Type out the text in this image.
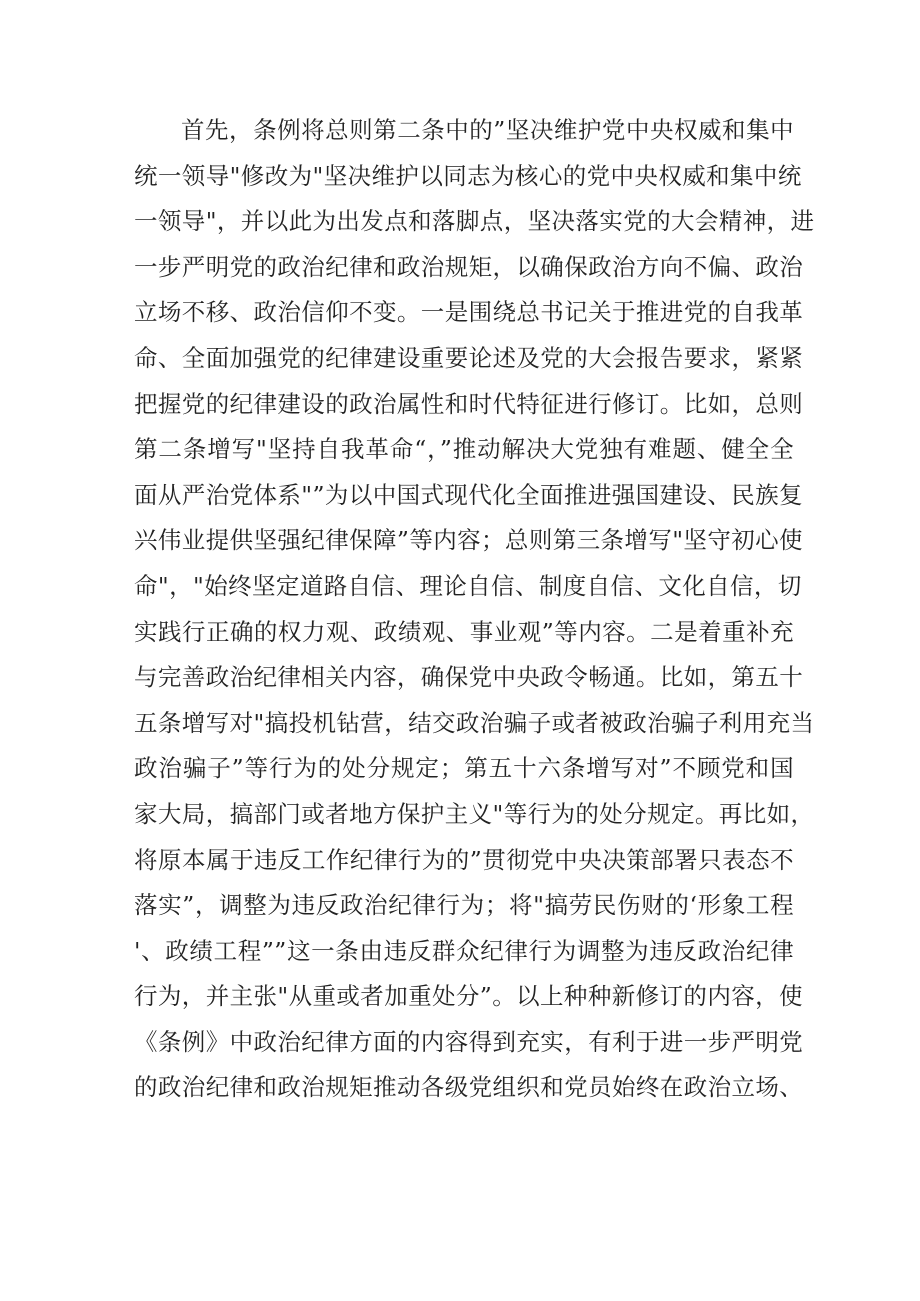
首先，条例将总则第二条中的”坚决维护党中央权威和集中
统一领导"修改为"坚决维护以同志为核心的党中央权威和集中统
一领导"，并以此为出发点和落脚点，坚决落实党的大会精神，进
一步严明党的政治纪律和政治规矩，以确保政治方向不偏、政治
立场不移、政治信仰不变。一是围绕总书记关于推进党的自我革
命、全面加强党的纪律建设重要论述及党的大会报告要求，紧紧
把握党的纪律建设的政治属性和时代特征进行修订。比如，总则
第二条增写"坚持自我革命“，”推动解决大党独有难题、健全全
面从严治党体系"”为以中国式现代化全面推进强国建设、民族复
兴伟业提供坚强纪律保障”等内容；总则第三条增写"坚守初心使
命"，"始终坚定道路自信、理论自信、制度自信、文化自信，切
实践行正确的权力观、政绩观、事业观”等内容。二是着重补充
与完善政治纪律相关内容，确保党中央政令畅通。比如，第五十
五条增写对"搞投机钻营，结交政治骗子或者被政治骗子利用充当
政治骗子”等行为的处分规定；第五十六条增写对”不顾党和国
家大局，搞部门或者地方保护主义"等行为的处分规定。再比如，
将原本属于违反工作纪律行为的”贯彻党中央决策部署只表态不
落实”，调整为违反政治纪律行为；将"搞劳民伤财的‘形象工程
'、政绩工程””这一条由违反群众纪律行为调整为违反政治纪律
行为，并主张"从重或者加重处分”。以上种种新修订的内容，使
《条例》中政治纪律方面的内容得到充实，有利于进一步严明党
的政治纪律和政治规矩推动各级党组织和党员始终在政治立场、
